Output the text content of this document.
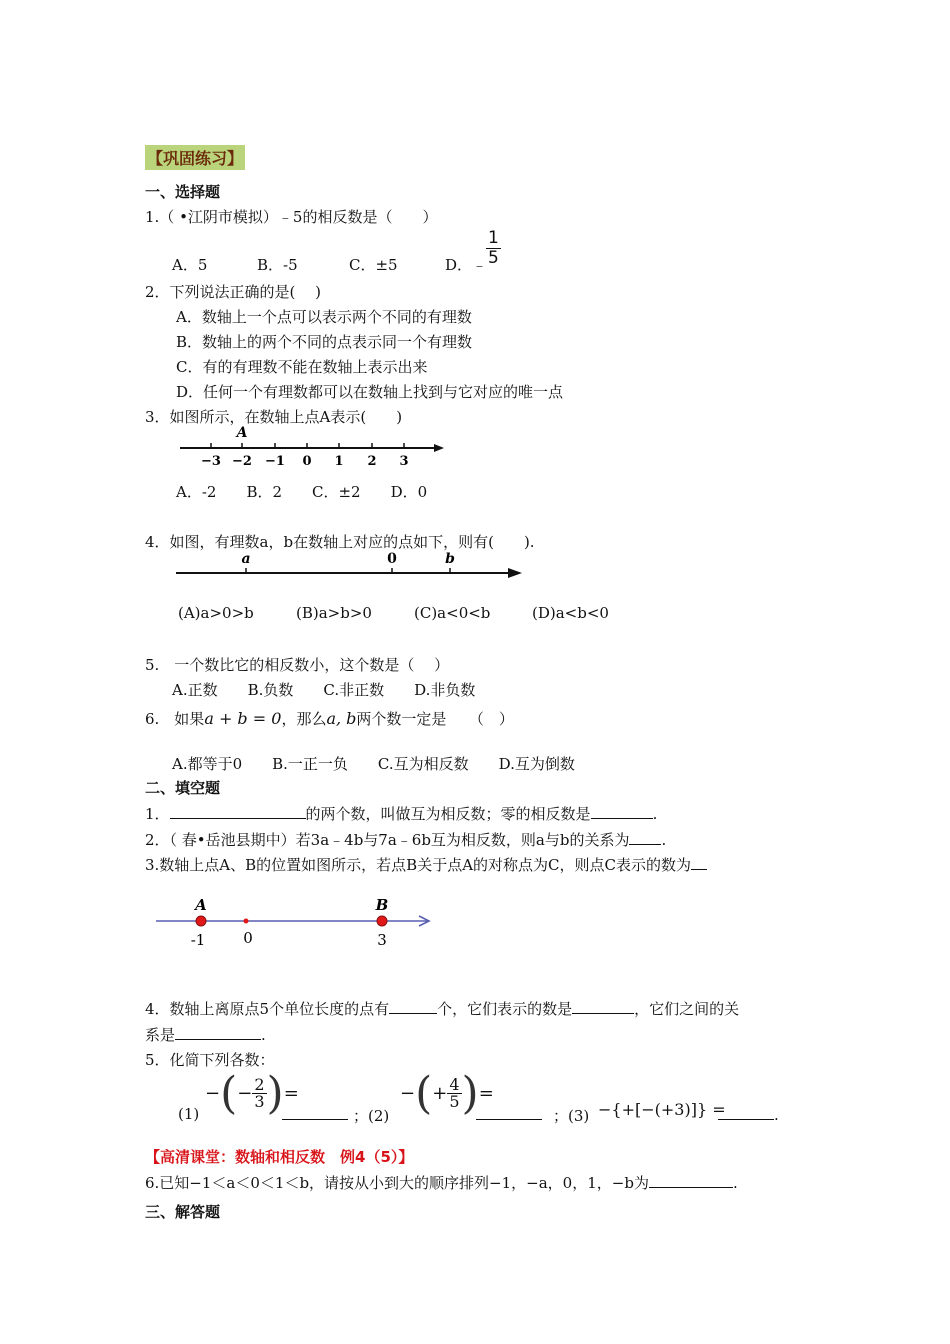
【巩固练习】
一、选择题
1.（ •江阴市模拟）﹣5的相反数是（　　）
A．5	B．-5	C．±5	D．﹣
$\frac{1}{5}$
2．下列说法正确的是(　 )
A．数轴上一个点可以表示两个不同的有理数
B．数轴上的两个不同的点表示同一个有理数
C．有的有理数不能在数轴上表示出来
D．任何一个有理数都可以在数轴上找到与它对应的唯一点
3．如图所示，在数轴上点A表示(　　)
−3 −2 −1 0 1 2 3
A
A．-2　　B．2　　C．±2　　D．0
4．如图，有理数a，b在数轴上对应的点如下，则有(　　).
a	0	b
(A)a>0>b	(B)a>b>0	(C)a<0<b	(D)a<b<0
5.　一个数比它的相反数小，这个数是（　 ）
A.正数　　B.负数　　C.非正数　　D.非负数
6.　如果a + b = 0，那么a, b两个数一定是　　（　）
A.都等于0　　B.一正一负　　C.互为相反数　　D.互为倒数
二、填空题
1．	的两个数，叫做互为相反数；零的相反数是	.
2．（ 春•岳池县期中）若3a﹣4b与7a﹣6b互为相反数，则a与b的关系为 .
3.数轴上点A、B的位置如图所示，若点B关于点A的对称点为C，则点C表示的数为
A	B
-1	0	3
4．数轴上离原点5个单位长度的点有	个，它们表示的数是	，它们之间的关
系是	.
5．化简下列各数：
(1)
−(− $\frac{2}{3}$ )=
；(2)
−(+ $\frac{4}{5}$ )=
；(3) −{+[−(+3)]} =	.
【高清课堂：数轴和相反数　例4（5）】
6.已知−1＜a＜0＜1＜b，请按从小到大的顺序排列−1，−a，0，1，−b为	.
三、解答题
